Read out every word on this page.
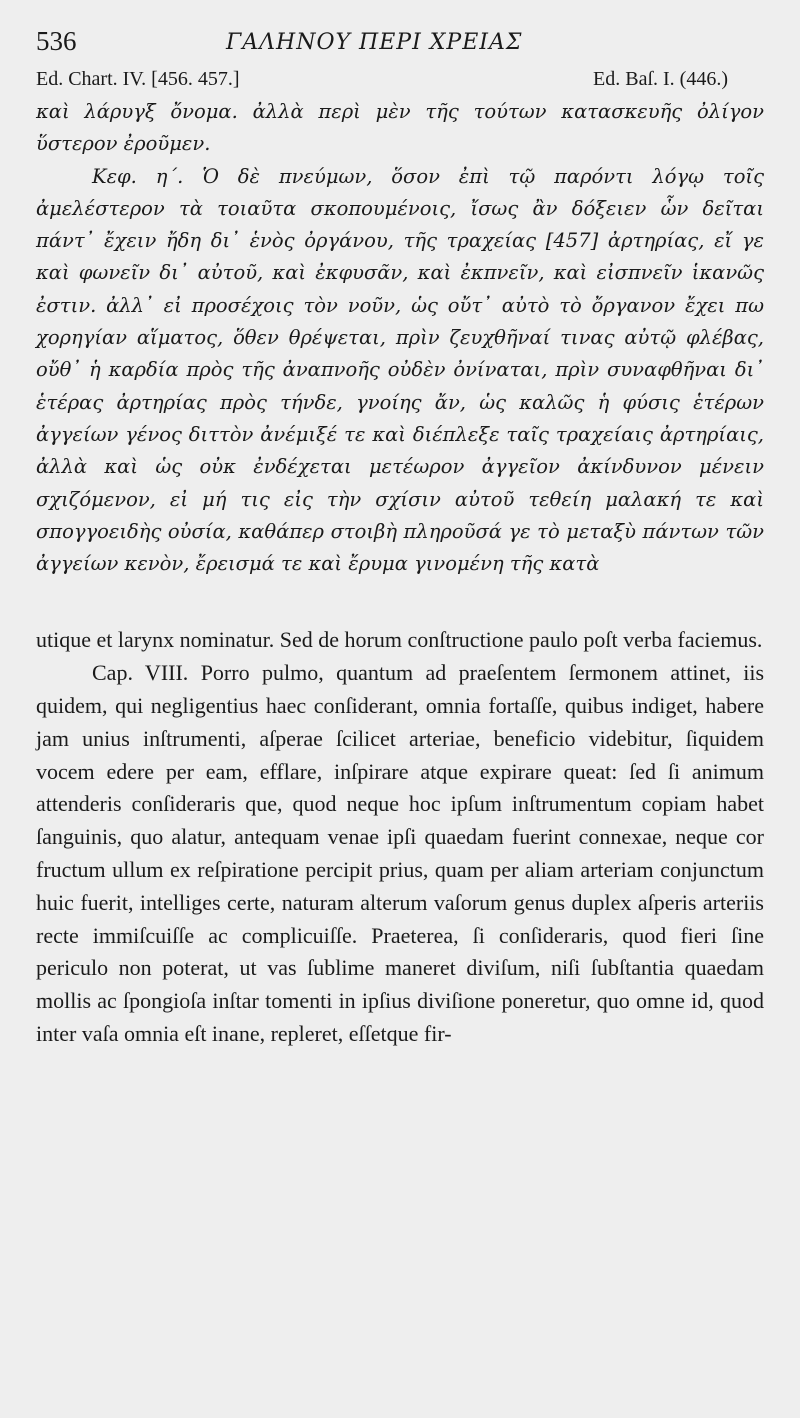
536	ΓΑΛΗΝΟΥ ΠΕΡΙ ΧΡΕΙΑΣ
Ed. Chart. IV. [456. 457.]	Ed. Baſ. I. (446.)

καὶ λάρυγξ ὄνομα. ἀλλὰ περὶ μὲν τῆς τούτων κατασκευῆς ὀλίγον ὕστερον ἐροῦμεν.

Κεφ. η΄. Ὁ δὲ πνεύμων, ὅσον ἐπὶ τῷ παρόντι λόγῳ τοῖς ἀμελέστερον τὰ τοιαῦτα σκοπουμένοις, ἴσως ἂν δόξειεν ὧν δεῖται πάντ᾽ ἔχειν ἤδη δι᾽ ἑνὸς ὀργάνου, τῆς τραχείας [457] ἀρτηρίας, εἴ γε καὶ φωνεῖν δι᾽ αὐτοῦ, καὶ ἐκφυσᾶν, καὶ ἐκπνεῖν, καὶ εἰσπνεῖν ἱκανῶς ἐστιν. ἀλλ᾽ εἰ προσέχοις τὸν νοῦν, ὡς οὔτ᾽ αὐτὸ τὸ ὄργανον ἔχει πω χορηγίαν αἵματος, ὅθεν θρέψεται, πρὶν ζευχθῆναί τινας αὐτῷ φλέβας, οὔθ᾽ ἡ καρδία πρὸς τῆς ἀναπνοῆς οὐδὲν ὀνίναται, πρὶν συναφθῆναι δι᾽ ἑτέρας ἀρτηρίας πρὸς τήνδε, γνοίης ἄν, ὡς καλῶς ἡ φύσις ἑτέρων ἀγγείων γένος διττὸν ἀνέμιξέ τε καὶ διέπλεξε ταῖς τραχείαις ἀρτηρίαις, ἀλλὰ καὶ ὡς οὐκ ἐνδέχεται μετέωρον ἀγγεῖον ἀκίνδυνον μένειν σχιζόμενον, εἰ μή τις εἰς τὴν σχίσιν αὐτοῦ τεθείη μαλακή τε καὶ σπογγοειδὴς οὐσία, καθάπερ στοιβὴ πληροῦσά γε τὸ μεταξὺ πάντων τῶν ἀγγείων κενὸν, ἔρεισμά τε καὶ ἔρυμα γινομένη τῆς κατὰ

utique et larynx nominatur. Sed de horum conſtructione paulo poſt verba faciemus.

Cap. VIII. Porro pulmo, quantum ad praeſentem ſermonem attinet, iis quidem, qui negligentius haec conſiderant, omnia fortaſſe, quibus indiget, habere jam unius inſtrumenti, aſperae ſcilicet arteriae, beneficio videbitur, ſiquidem vocem edere per eam, efflare, inſpirare atque expirare queat: ſed ſi animum attenderis conſideraris que, quod neque hoc ipſum inſtrumentum copiam habet ſanguinis, quo alatur, antequam venae ipſi quaedam fuerint connexae, neque cor fructum ullum ex reſpiratione percipit prius, quam per aliam arteriam conjunctum huic fuerit, intelliges certe, naturam alterum vaſorum genus duplex aſperis arteriis recte immiſcuiſſe ac complicuiſſe. Praeterea, ſi conſideraris, quod fieri ſine periculo non poterat, ut vas ſublime maneret diviſum, niſi ſubſtantia quaedam mollis ac ſpongioſa inſtar tomenti in ipſius diviſione poneretur, quo omne id, quod inter vaſa omnia eſt inane, repleret, eſſetque fir-
